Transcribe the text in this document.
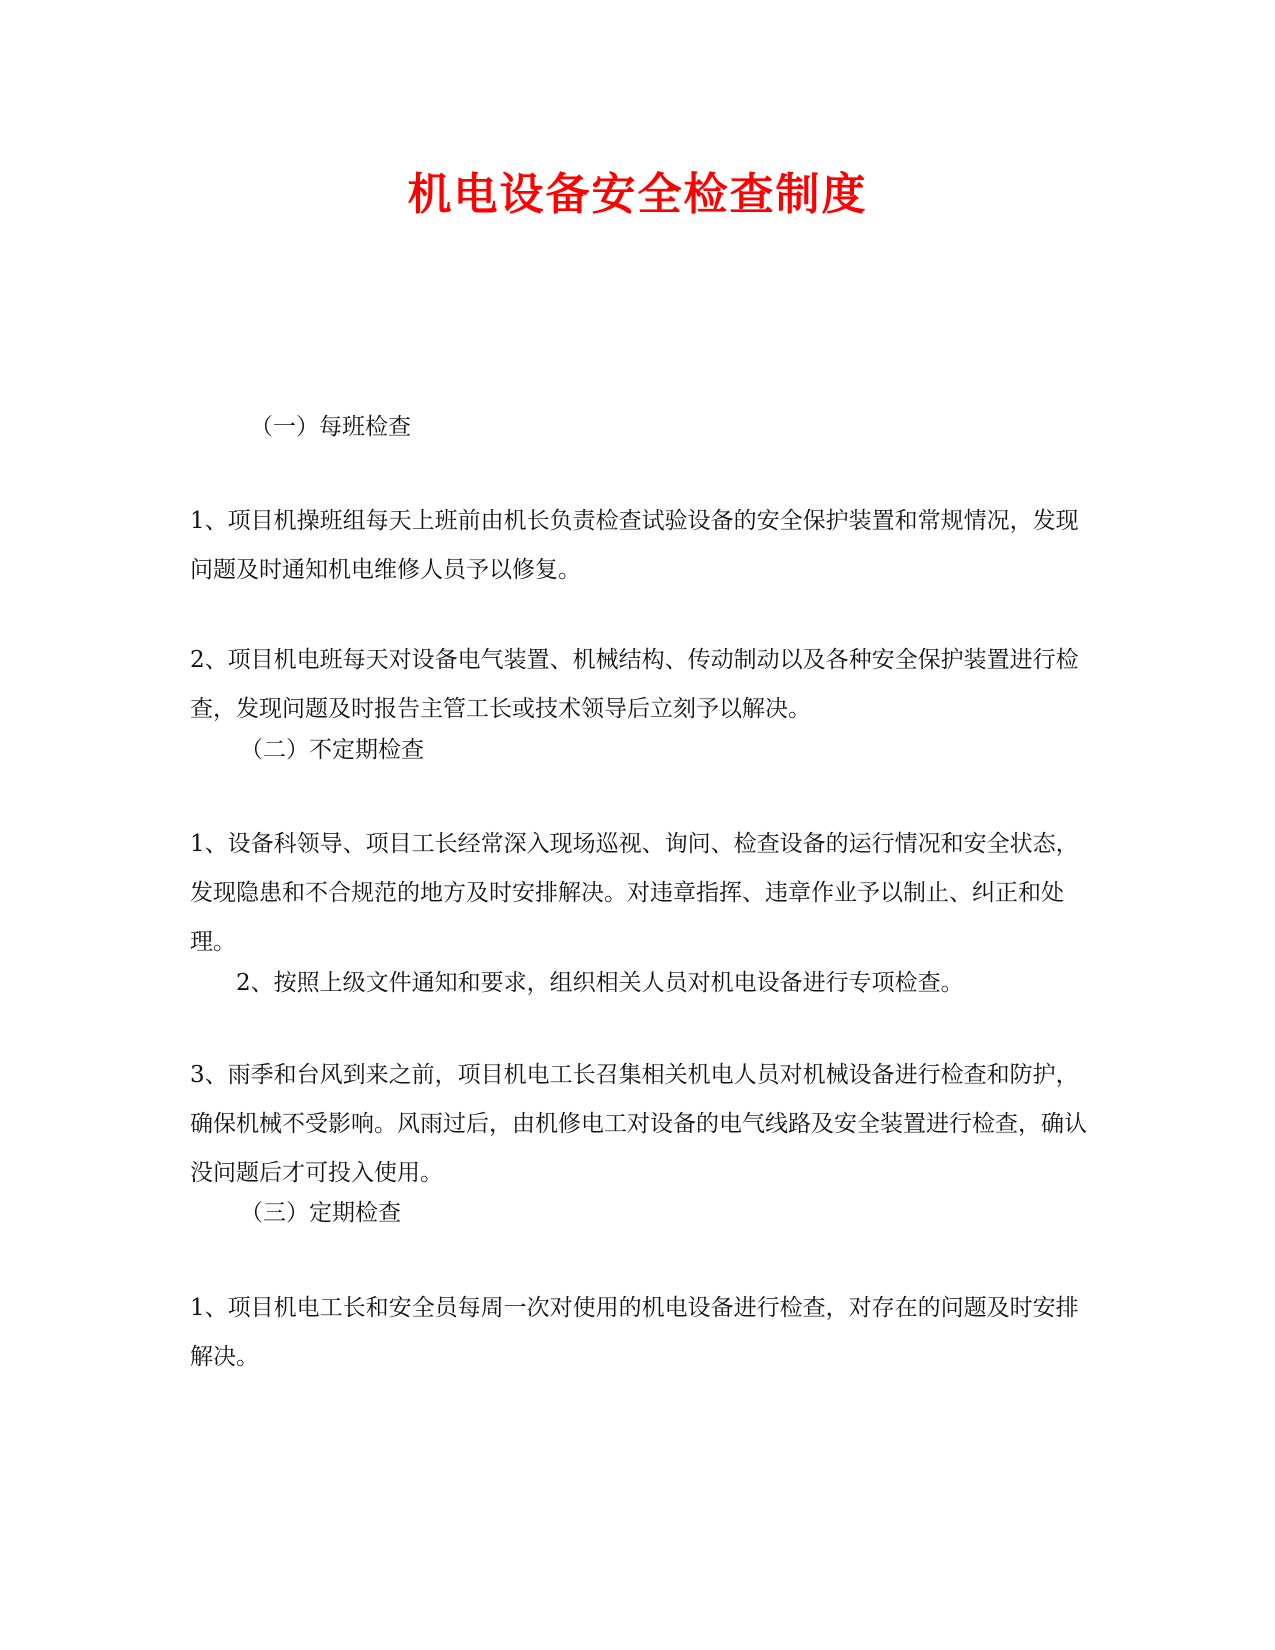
机电设备安全检查制度

（一）每班检查

1、项目机操班组每天上班前由机长负责检查试验设备的安全保护装置和常规情况，发现问题及时通知机电维修人员予以修复。

2、项目机电班每天对设备电气装置、机械结构、传动制动以及各种安全保护装置进行检查，发现问题及时报告主管工长或技术领导后立刻予以解决。

（二）不定期检查

1、设备科领导、项目工长经常深入现场巡视、询问、检查设备的运行情况和安全状态，发现隐患和不合规范的地方及时安排解决。对违章指挥、违章作业予以制止、纠正和处理。

2、按照上级文件通知和要求，组织相关人员对机电设备进行专项检查。

3、雨季和台风到来之前，项目机电工长召集相关机电人员对机械设备进行检查和防护，确保机械不受影响。风雨过后，由机修电工对设备的电气线路及安全装置进行检查，确认没问题后才可投入使用。

（三）定期检查

1、项目机电工长和安全员每周一次对使用的机电设备进行检查，对存在的问题及时安排解决。
